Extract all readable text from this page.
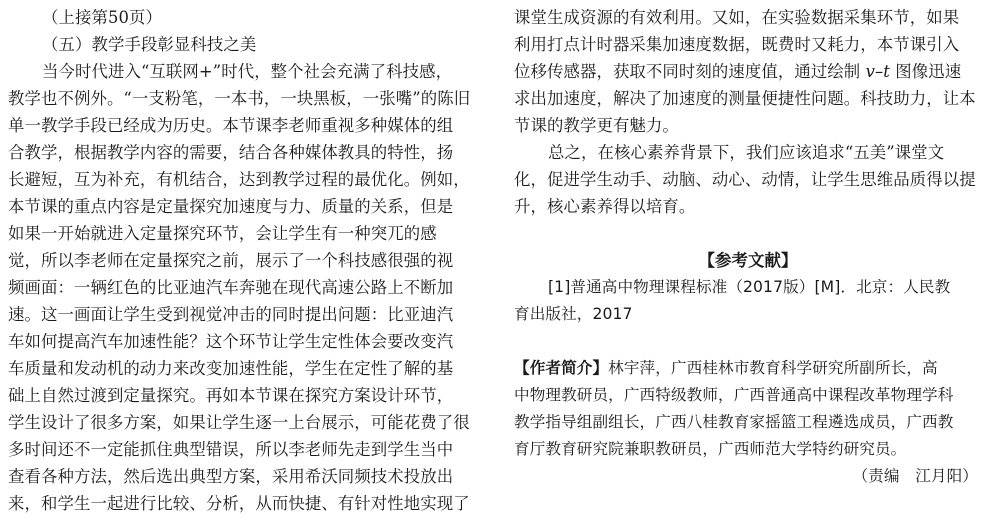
（上接第50页）
（五）教学手段彰显科技之美
当今时代进入“互联网+”时代，整个社会充满了科技感，
教学也不例外。“一支粉笔，一本书，一块黑板，一张嘴”的陈旧
单一教学手段已经成为历史。本节课李老师重视多种媒体的组
合教学，根据教学内容的需要，结合各种媒体教具的特性，扬
长避短，互为补充，有机结合，达到教学过程的最优化。例如，
本节课的重点内容是定量探究加速度与力、质量的关系，但是
如果一开始就进入定量探究环节，会让学生有一种突兀的感
觉，所以李老师在定量探究之前，展示了一个科技感很强的视
频画面：一辆红色的比亚迪汽车奔驰在现代高速公路上不断加
速。这一画面让学生受到视觉冲击的同时提出问题：比亚迪汽
车如何提高汽车加速性能？这个环节让学生定性体会要改变汽
车质量和发动机的动力来改变加速性能，学生在定性了解的基
础上自然过渡到定量探究。再如本节课在探究方案设计环节，
学生设计了很多方案，如果让学生逐一上台展示，可能花费了很
多时间还不一定能抓住典型错误，所以李老师先走到学生当中
查看各种方法，然后选出典型方案，采用希沃同频技术投放出
来，和学生一起进行比较、分析，从而快捷、有针对性地实现了
课堂生成资源的有效利用。又如，在实验数据采集环节，如果
利用打点计时器采集加速度数据，既费时又耗力，本节课引入
位移传感器，获取不同时刻的速度值，通过绘制 v–t 图像迅速
求出加速度，解决了加速度的测量便捷性问题。科技助力，让本
节课的教学更有魅力。
总之，在核心素养背景下，我们应该追求“五美”课堂文
化，促进学生动手、动脑、动心、动情，让学生思维品质得以提
升，核心素养得以培育。
【参考文献】
[1]普通高中物理课程标准（2017版）[M]．北京：人民教
育出版社，2017
【作者简介】林宇萍，广西桂林市教育科学研究所副所长，高
中物理教研员，广西特级教师，广西普通高中课程改革物理学科
教学指导组副组长，广西八桂教育家摇篮工程遴选成员，广西教
育厅教育研究院兼职教研员，广西师范大学特约研究员。
（责编　江月阳）
